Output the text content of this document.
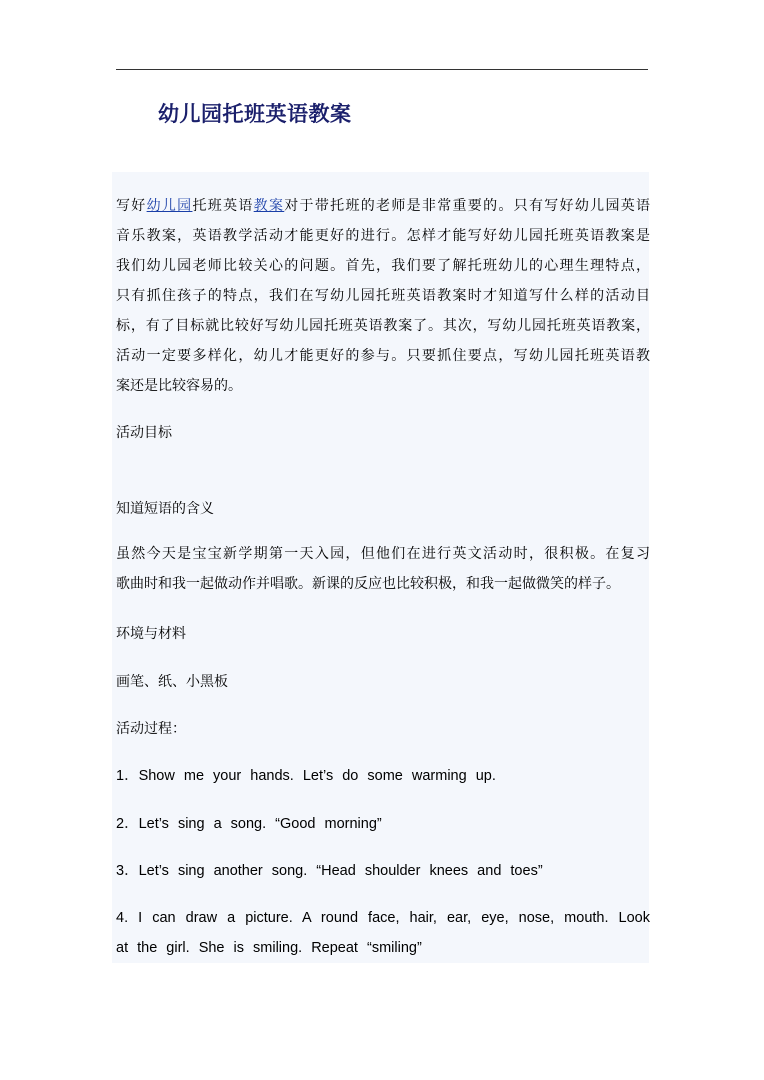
幼儿园托班英语教案
写好幼儿园托班英语教案对于带托班的老师是非常重要的。只有写好幼儿园英语
音乐教案，英语教学活动才能更好的进行。怎样才能写好幼儿园托班英语教案是
我们幼儿园老师比较关心的问题。首先，我们要了解托班幼儿的心理生理特点，
只有抓住孩子的特点，我们在写幼儿园托班英语教案时才知道写什么样的活动目
标，有了目标就比较好写幼儿园托班英语教案了。其次，写幼儿园托班英语教案，
活动一定要多样化，幼儿才能更好的参与。只要抓住要点，写幼儿园托班英语教
案还是比较容易的。

活动目标

知道短语的含义

虽然今天是宝宝新学期第一天入园，但他们在进行英文活动时，很积极。在复习
歌曲时和我一起做动作并唱歌。新课的反应也比较积极，和我一起做微笑的样子。

环境与材料

画笔、纸、小黑板

活动过程：

1．Show me your hands. Let’s do some warming up.

2．Let’s sing a song. “Good morning”

3．Let’s sing another song. “Head shoulder knees and toes”

4. I can draw a picture. A round face, hair, ear, eye, nose, mouth. Look
at the girl. She is smiling. Repeat “smiling”
